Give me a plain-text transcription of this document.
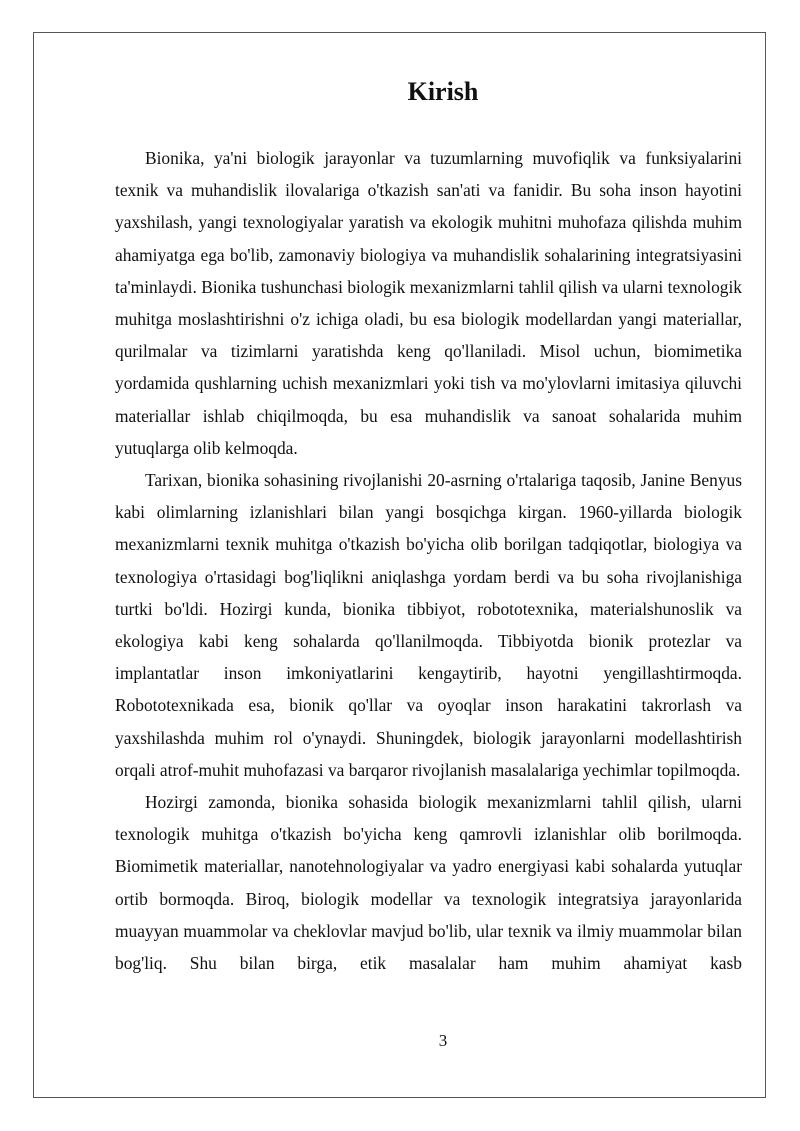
Kirish

Bionika, ya'ni biologik jarayonlar va tuzumlarning muvofiqlik va funksiyalarini texnik va muhandislik ilovalariga o'tkazish san'ati va fanidir. Bu soha inson hayotini yaxshilash, yangi texnologiyalar yaratish va ekologik muhitni muhofaza qilishda muhim ahamiyatga ega bo'lib, zamonaviy biologiya va muhandislik sohalarining integratsiyasini ta'minlaydi. Bionika tushunchasi biologik mexanizmlarni tahlil qilish va ularni texnologik muhitga moslashtirishni o'z ichiga oladi, bu esa biologik modellardan yangi materiallar, qurilmalar va tizimlarni yaratishda keng qo'llaniladi. Misol uchun, biomimetika yordamida qushlarning uchish mexanizmlari yoki tish va mo'ylovlarni imitasiya qiluvchi materiallar ishlab chiqilmoqda, bu esa muhandislik va sanoat sohalarida muhim yutuqlarga olib kelmoqda.

Tarixan, bionika sohasining rivojlanishi 20-asrning o'rtalariga taqosib, Janine Benyus kabi olimlarning izlanishlari bilan yangi bosqichga kirgan. 1960-yillarda biologik mexanizmlarni texnik muhitga o'tkazish bo'yicha olib borilgan tadqiqotlar, biologiya va texnologiya o'rtasidagi bog'liqlikni aniqlashga yordam berdi va bu soha rivojlanishiga turtki bo'ldi. Hozirgi kunda, bionika tibbiyot, robototexnika, materialshunoslik va ekologiya kabi keng sohalarda qo'llanilmoqda. Tibbiyotda bionik protezlar va implantatlar inson imkoniyatlarini kengaytirib, hayotni yengillashtirmoqda. Robototexnikada esa, bionik qo'llar va oyoqlar inson harakatini takrorlash va yaxshilashda muhim rol o'ynaydi. Shuningdek, biologik jarayonlarni modellashtirish orqali atrof-muhit muhofazasi va barqaror rivojlanish masalalariga yechimlar topilmoqda.

Hozirgi zamonda, bionika sohasida biologik mexanizmlarni tahlil qilish, ularni texnologik muhitga o'tkazish bo'yicha keng qamrovli izlanishlar olib borilmoqda. Biomimetik materiallar, nanotehnologiyalar va yadro energiyasi kabi sohalarda yutuqlar ortib bormoqda. Biroq, biologik modellar va texnologik integratsiya jarayonlarida muayyan muammolar va cheklovlar mavjud bo'lib, ular texnik va ilmiy muammolar bilan bog'liq. Shu bilan birga, etik masalalar ham muhim ahamiyat kasb

3
